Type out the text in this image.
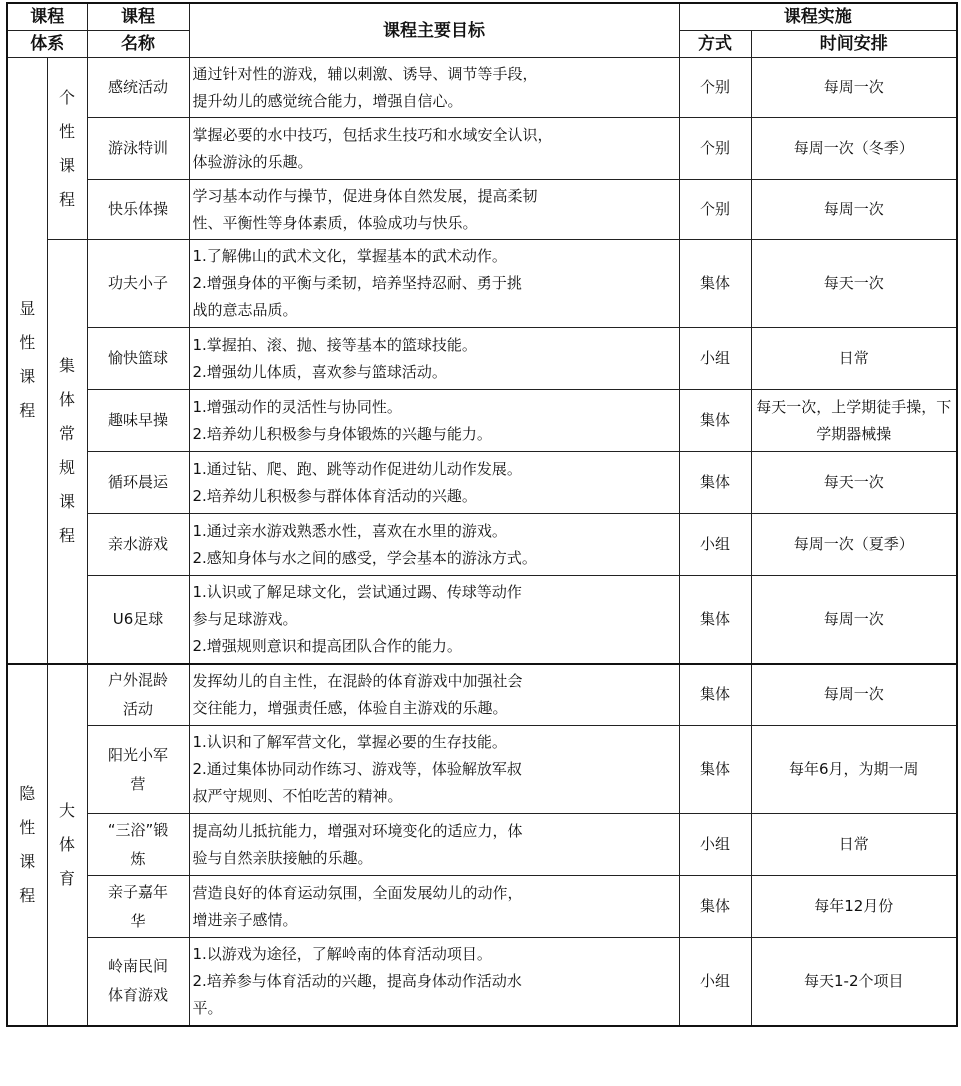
课程		课程	课程主要目标	课程实施	
体系		名称		方式	时间安排
显性课程	个性课程	感统活动	通过针对性的游戏，辅以刺激、诱导、调节等手段，
提升幼儿的感觉统合能力，增强自信心。	个别	每周一次
		游泳特训	掌握必要的水中技巧，包括求生技巧和水域安全认识，
体验游泳的乐趣。	个别	每周一次（冬季）
		快乐体操	学习基本动作与操节，促进身体自然发展，提高柔韧
性、平衡性等身体素质，体验成功与快乐。	个别	每周一次
	集体常规课程	功夫小子	1.了解佛山的武术文化，掌握基本的武术动作。
2.增强身体的平衡与柔韧，培养坚持忍耐、勇于挑
战的意志品质。	集体	每天一次
		愉快篮球	1.掌握拍、滚、抛、接等基本的篮球技能。
2.增强幼儿体质，喜欢参与篮球活动。	小组	日常
		趣味早操	1.增强动作的灵活性与协同性。
2.培养幼儿积极参与身体锻炼的兴趣与能力。	集体	每天一次，上学期徒手操，下学期器械操
		循环晨运	1.通过钻、爬、跑、跳等动作促进幼儿动作发展。
2.培养幼儿积极参与群体体育活动的兴趣。	集体	每天一次
		亲水游戏	1.通过亲水游戏熟悉水性，喜欢在水里的游戏。
2.感知身体与水之间的感受，学会基本的游泳方式。	小组	每周一次（夏季）
		U6足球	1.认识或了解足球文化，尝试通过踢、传球等动作
参与足球游戏。
2.增强规则意识和提高团队合作的能力。	集体	每周一次
隐性课程	大体育	户外混龄活动	发挥幼儿的自主性，在混龄的体育游戏中加强社会
交往能力，增强责任感，体验自主游戏的乐趣。	集体	每周一次
		阳光小军营	1.认识和了解军营文化，掌握必要的生存技能。
2.通过集体协同动作练习、游戏等，体验解放军叔
叔严守规则、不怕吃苦的精神。	集体	每年6月，为期一周
		“三浴”锻炼	提高幼儿抵抗能力，增强对环境变化的适应力，体
验与自然亲肤接触的乐趣。	小组	日常
		亲子嘉年华	营造良好的体育运动氛围，全面发展幼儿的动作，
增进亲子感情。	集体	每年12月份
		岭南民间体育游戏	1.以游戏为途径，了解岭南的体育活动项目。
2.培养参与体育活动的兴趣，提高身体动作活动水
平。	小组	每天1-2个项目
